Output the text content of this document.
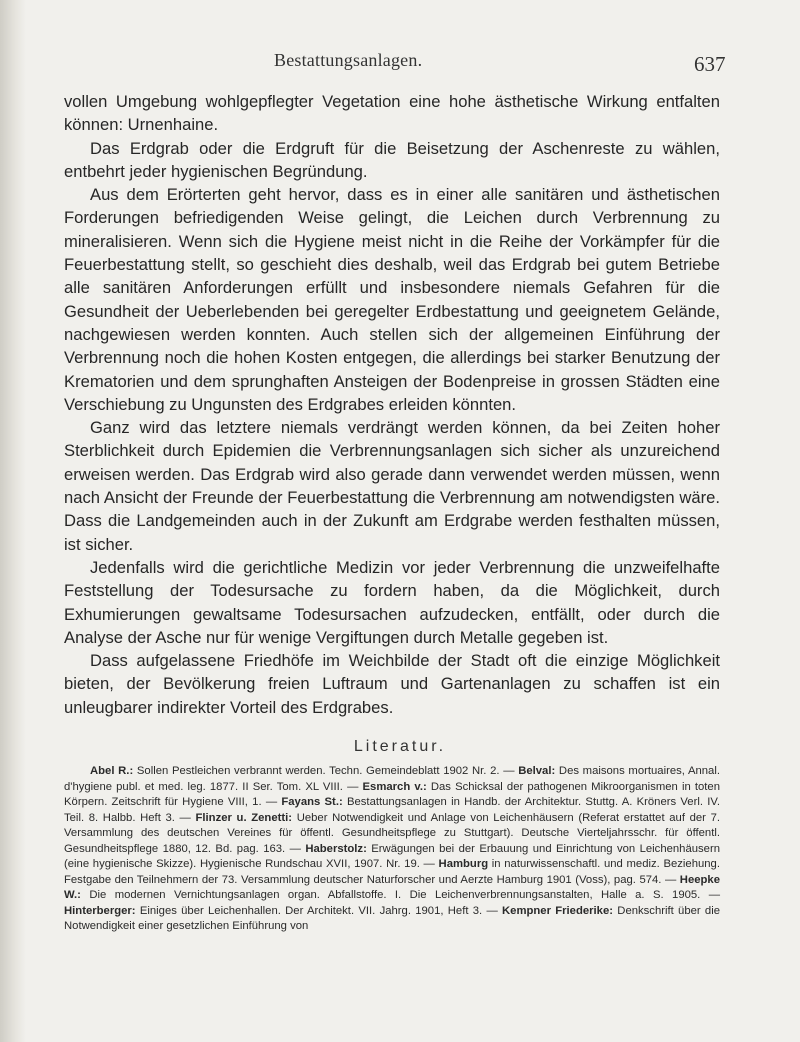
Bestattungsanlagen.	637

vollen Umgebung wohlgepflegter Vegetation eine hohe ästhetische Wirkung entfalten können: Urnenhaine.

Das Erdgrab oder die Erdgruft für die Beisetzung der Aschenreste zu wählen, entbehrt jeder hygienischen Begründung.

Aus dem Erörterten geht hervor, dass es in einer alle sanitären und ästhetischen Forderungen befriedigenden Weise gelingt, die Leichen durch Verbrennung zu mineralisieren. Wenn sich die Hygiene meist nicht in die Reihe der Vorkämpfer für die Feuerbestattung stellt, so geschieht dies deshalb, weil das Erdgrab bei gutem Betriebe alle sanitären Anforderungen erfüllt und insbesondere niemals Gefahren für die Gesundheit der Ueberlebenden bei geregelter Erdbestattung und geeignetem Gelände, nachgewiesen werden konnten. Auch stellen sich der allgemeinen Einführung der Verbrennung noch die hohen Kosten entgegen, die allerdings bei starker Benutzung der Krematorien und dem sprunghaften Ansteigen der Bodenpreise in grossen Städten eine Verschiebung zu Ungunsten des Erdgrabes erleiden könnten.

Ganz wird das letztere niemals verdrängt werden können, da bei Zeiten hoher Sterblichkeit durch Epidemien die Verbrennungsanlagen sich sicher als unzureichend erweisen werden. Das Erdgrab wird also gerade dann verwendet werden müssen, wenn nach Ansicht der Freunde der Feuerbestattung die Verbrennung am notwendigsten wäre. Dass die Landgemeinden auch in der Zukunft am Erdgrabe werden festhalten müssen, ist sicher.

Jedenfalls wird die gerichtliche Medizin vor jeder Verbrennung die unzweifelhafte Feststellung der Todesursache zu fordern haben, da die Möglichkeit, durch Exhumierungen gewaltsame Todesursachen aufzudecken, entfällt, oder durch die Analyse der Asche nur für wenige Vergiftungen durch Metalle gegeben ist.

Dass aufgelassene Friedhöfe im Weichbilde der Stadt oft die einzige Möglichkeit bieten, der Bevölkerung freien Luftraum und Gartenanlagen zu schaffen ist ein unleugbarer indirekter Vorteil des Erdgrabes.

Literatur.
Abel R.: Sollen Pestleichen verbrannt werden. Techn. Gemeindeblatt 1902 Nr. 2. — Belval: Des maisons mortuaires, Annal. d'hygiene publ. et med. leg. 1877. II Ser. Tom. XL VIII. — Esmarch v.: Das Schicksal der pathogenen Mikroorganismen in toten Körpern. Zeitschrift für Hygiene VIII, 1. — Fayans St.: Bestattungsanlagen in Handb. der Architektur. Stuttg. A. Kröners Verl. IV. Teil. 8. Halbb. Heft 3. — Flinzer u. Zenetti: Ueber Notwendigkeit und Anlage von Leichenhäusern (Referat erstattet auf der 7. Versammlung des deutschen Vereines für öffentl. Gesundheitspflege zu Stuttgart). Deutsche Vierteljahrsschr. für öffentl. Gesundheitspflege 1880, 12. Bd. pag. 163. — Haberstolz: Erwägungen bei der Erbauung und Einrichtung von Leichenhäusern (eine hygienische Skizze). Hygienische Rundschau XVII, 1907. Nr. 19. — Hamburg in naturwissenschaftl. und mediz. Beziehung. Festgabe den Teilnehmern der 73. Versammlung deutscher Naturforscher und Aerzte Hamburg 1901 (Voss), pag. 574. — Heepke W.: Die modernen Vernichtungsanlagen organ. Abfallstoffe. I. Die Leichenverbrennungsanstalten, Halle a. S. 1905. — Hinterberger: Einiges über Leichenhallen. Der Architekt. VII. Jahrg. 1901, Heft 3. — Kempner Friederike: Denkschrift über die Notwendigkeit einer gesetzlichen Einführung von
